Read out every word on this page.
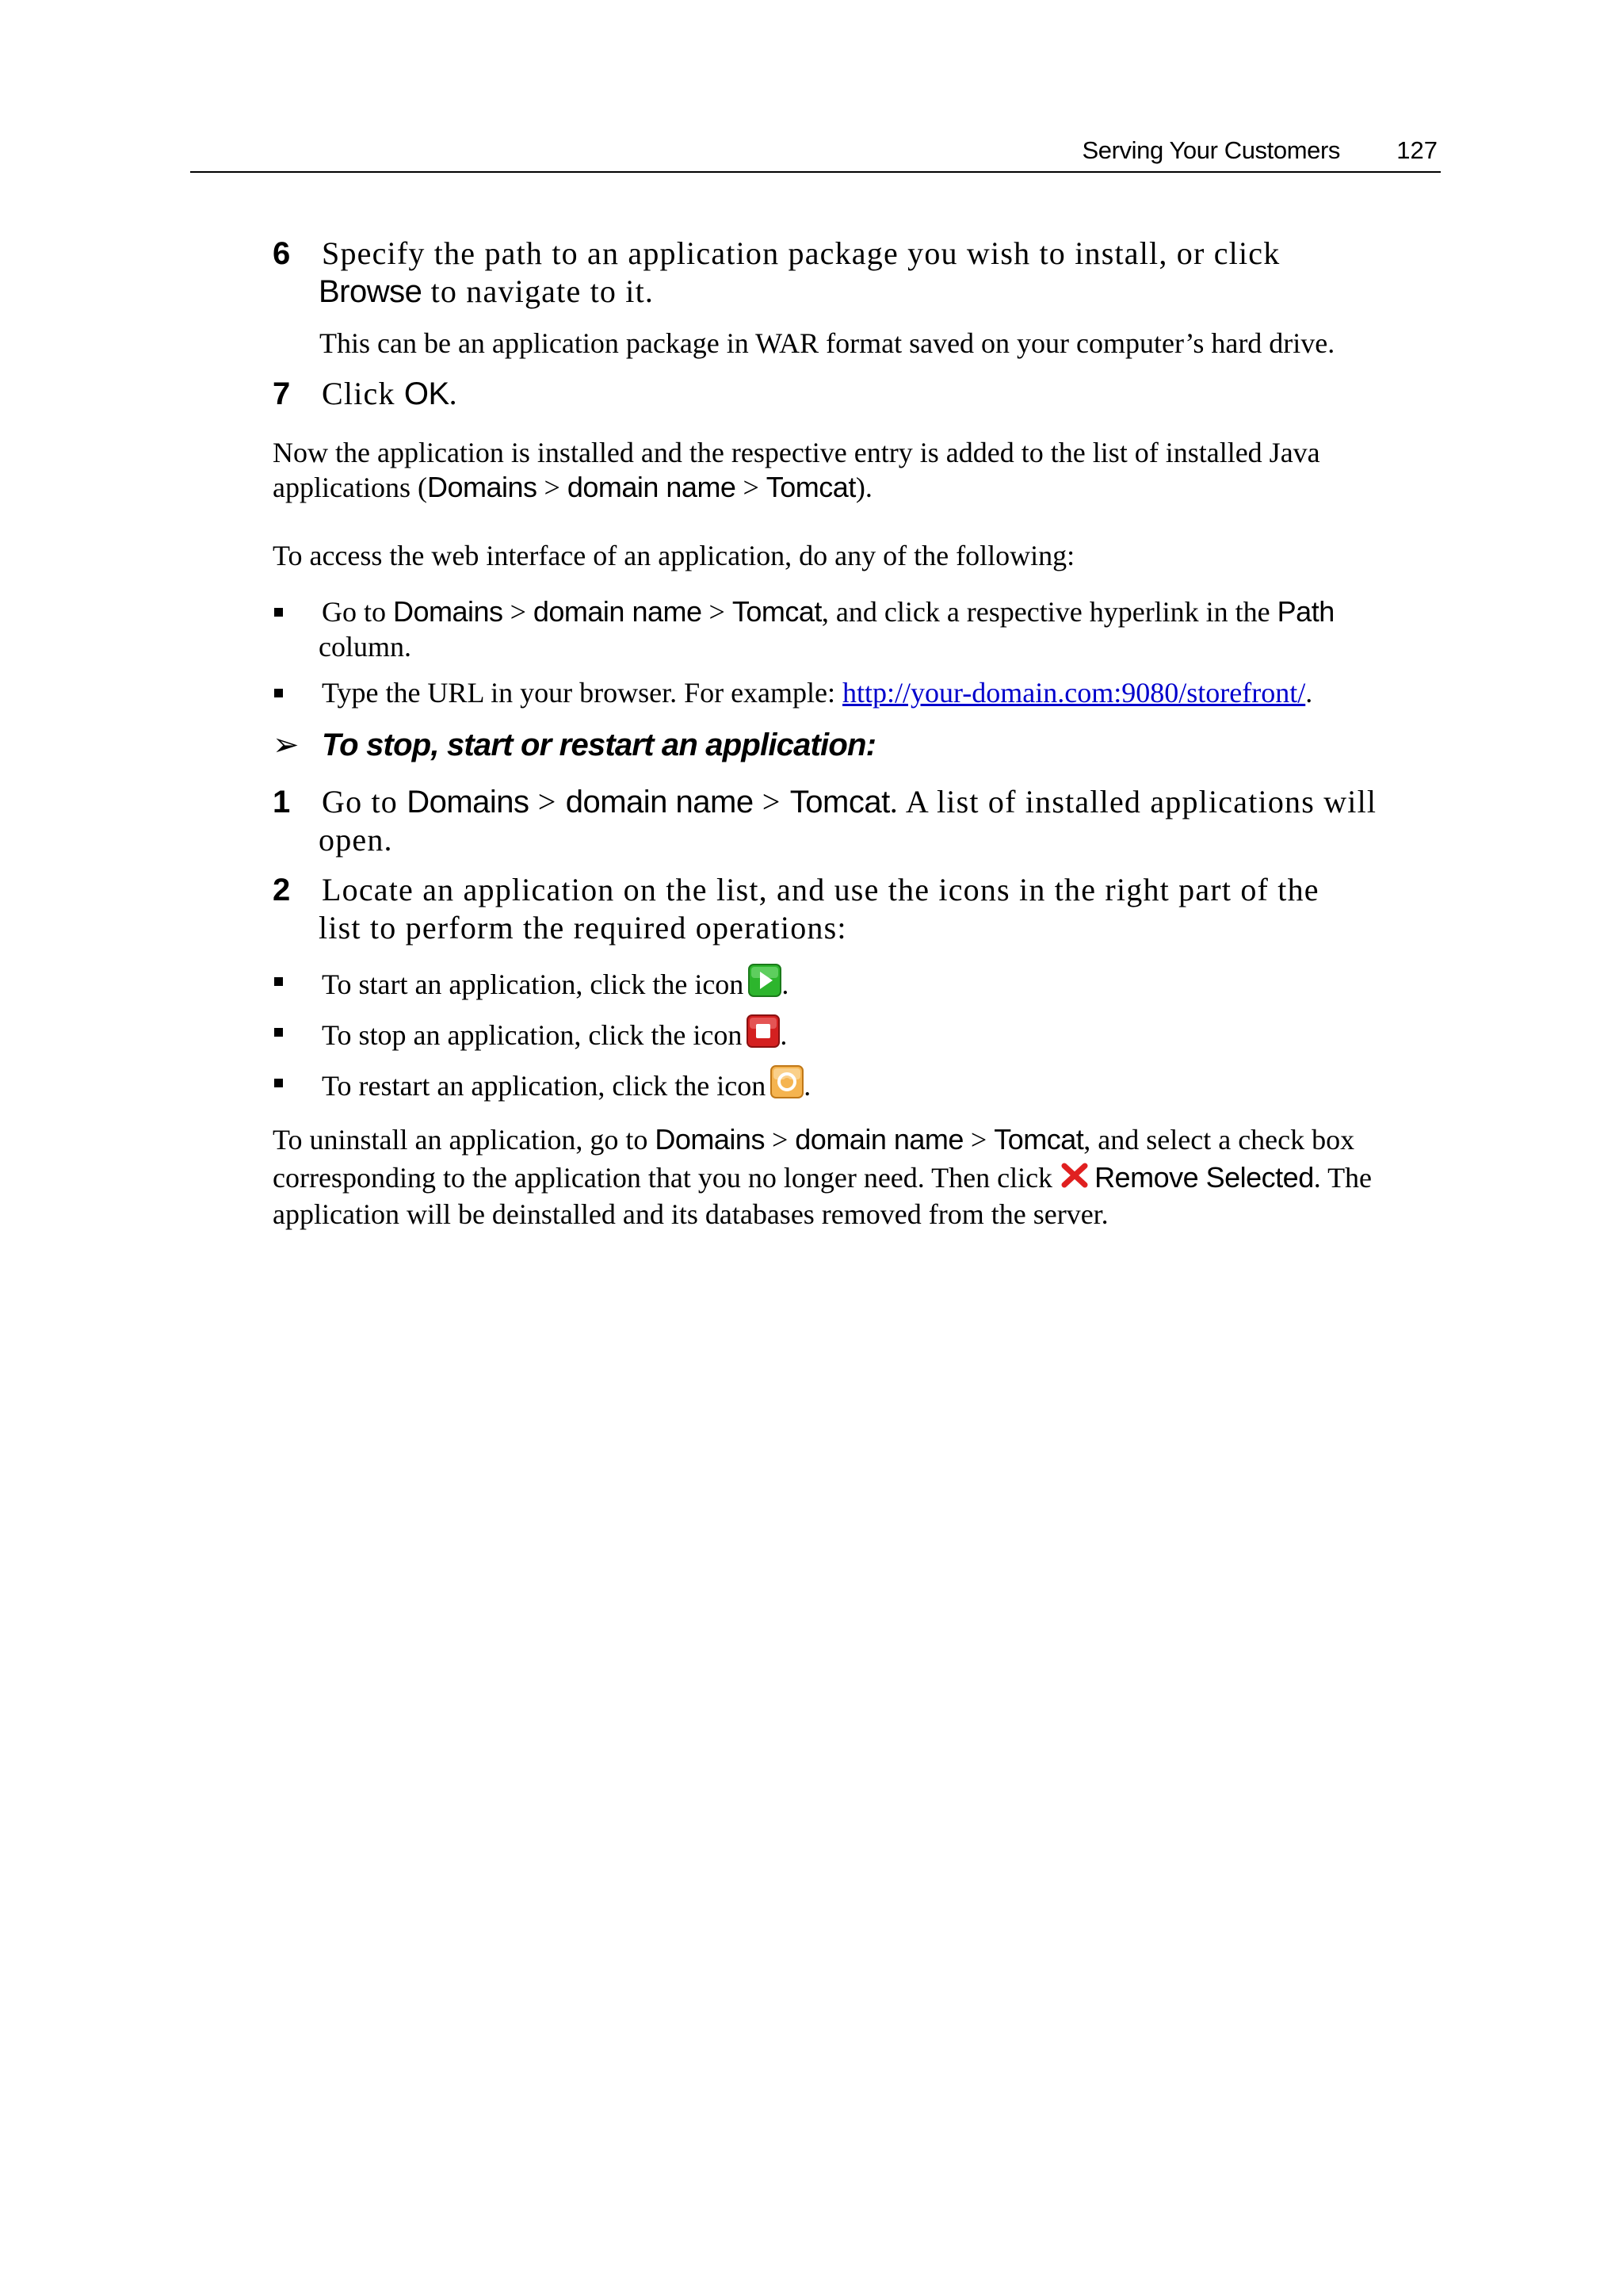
Serving Your Customers 127
6 Specify the path to an application package you wish to install, or click
Browse to navigate to it.
This can be an application package in WAR format saved on your computer’s hard drive.
7 Click OK.
Now the application is installed and the respective entry is added to the list of installed Java
applications (Domains > domain name > Tomcat).
To access the web interface of an application, do any of the following:
Go to Domains > domain name > Tomcat, and click a respective hyperlink in the Path
column.
Type the URL in your browser. For example: http://your-domain.com:9080/storefront/.
➢ To stop, start or restart an application:
1 Go to Domains > domain name > Tomcat. A list of installed applications will
open.
2 Locate an application on the list, and use the icons in the right part of the
list to perform the required operations:
To start an application, click the icon .
To stop an application, click the icon .
To restart an application, click the icon .
To uninstall an application, go to Domains > domain name > Tomcat, and select a check box
corresponding to the application that you no longer need. Then click Remove Selected. The
application will be deinstalled and its databases removed from the server.
